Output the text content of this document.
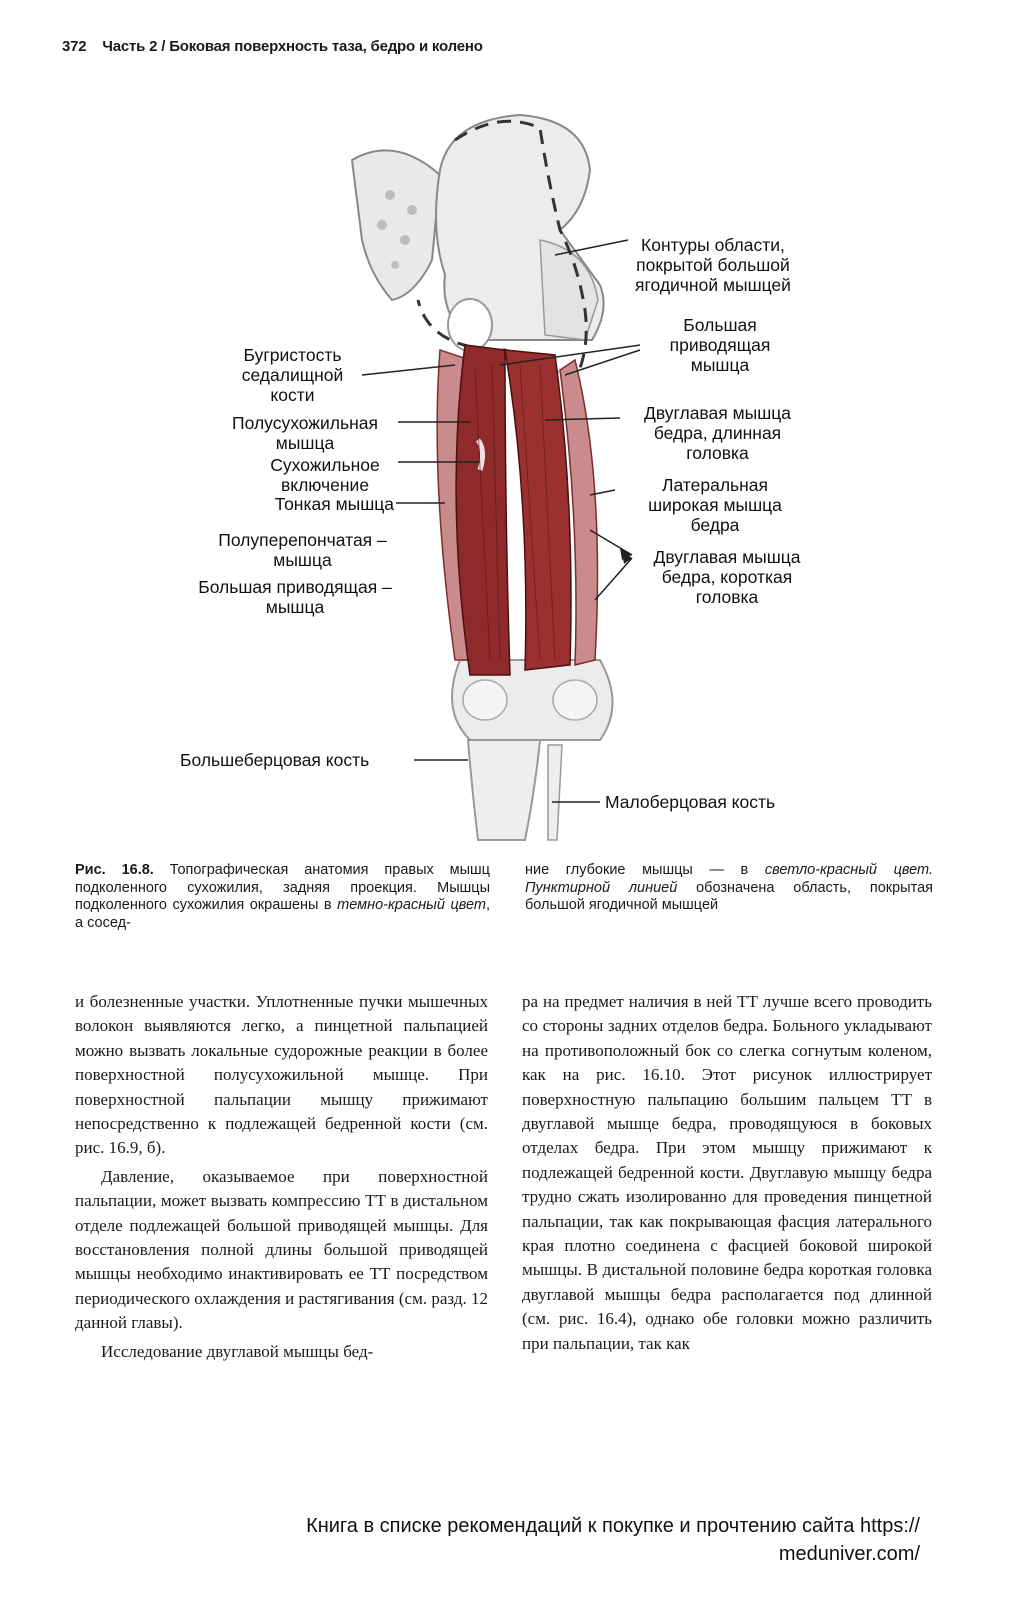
372 Часть 2 / Боковая поверхность таза, бедро и колено
Контуры области,
покрытой большой
ягодичной мышцей
Большая
приводящая
мышца
Бугристость
седалищной
кости
Полусухожильная
мышца
Сухожильное
включение
Тонкая мышца
Двуглавая мышца
бедра, длинная
головка
Латеральная
широкая мышца
бедра
Полуперепончатая –
мышца	Двуглавая мышца
бедра, короткая
головка
Большая приводящая –
мышца
Большеберцовая кость
Малоберцовая кость
Рис. 16.8. Топографическая анатомия правых мышц подколенного сухожилия, задняя проекция. Мышцы подколенного сухожилия окрашены в темно-красный цвет, а сосед-
ние глубокие мышцы — в светло-красный цвет. Пунктирной линией обозначена область, покрытая большой ягодичной мышцей

и болезненные участки. Уплотненные пучки мышечных волокон выявляются легко, а пинцетной пальпацией можно вызвать локальные судорожные реакции в более поверхностной полусухожильной мышце. При поверхностной пальпации мышцу прижимают непосредственно к подлежащей бедренной кости (см. рис. 16.9, б).

Давление, оказываемое при поверхностной пальпации, может вызвать компрессию ТТ в дистальном отделе подлежащей большой приводящей мышцы. Для восстановления полной длины большой приводящей мышцы необходимо инактивировать ее ТТ посредством периодического охлаждения и растягивания (см. разд. 12 данной главы).

Исследование двуглавой мышцы бед-

ра на предмет наличия в ней ТТ лучше всего проводить со стороны задних отделов бедра. Больного укладывают на противоположный бок со слегка согнутым коленом, как на рис. 16.10. Этот рисунок иллюстрирует поверхностную пальпацию большим пальцем ТТ в двуглавой мышце бедра, проводящуюся в боковых отделах бедра. При этом мышцу прижимают к подлежащей бедренной кости. Двуглавую мышцу бедра трудно сжать изолированно для проведения пинцетной пальпации, так как покрывающая фасция латерального края плотно соединена с фасцией боковой широкой мышцы. В дистальной половине бедра короткая головка двуглавой мышцы бедра располагается под длинной (см. рис. 16.4), однако обе головки можно различить при пальпации, так как

Книга в списке рекомендаций к покупке и прочтению сайта https://
meduniver.com/
